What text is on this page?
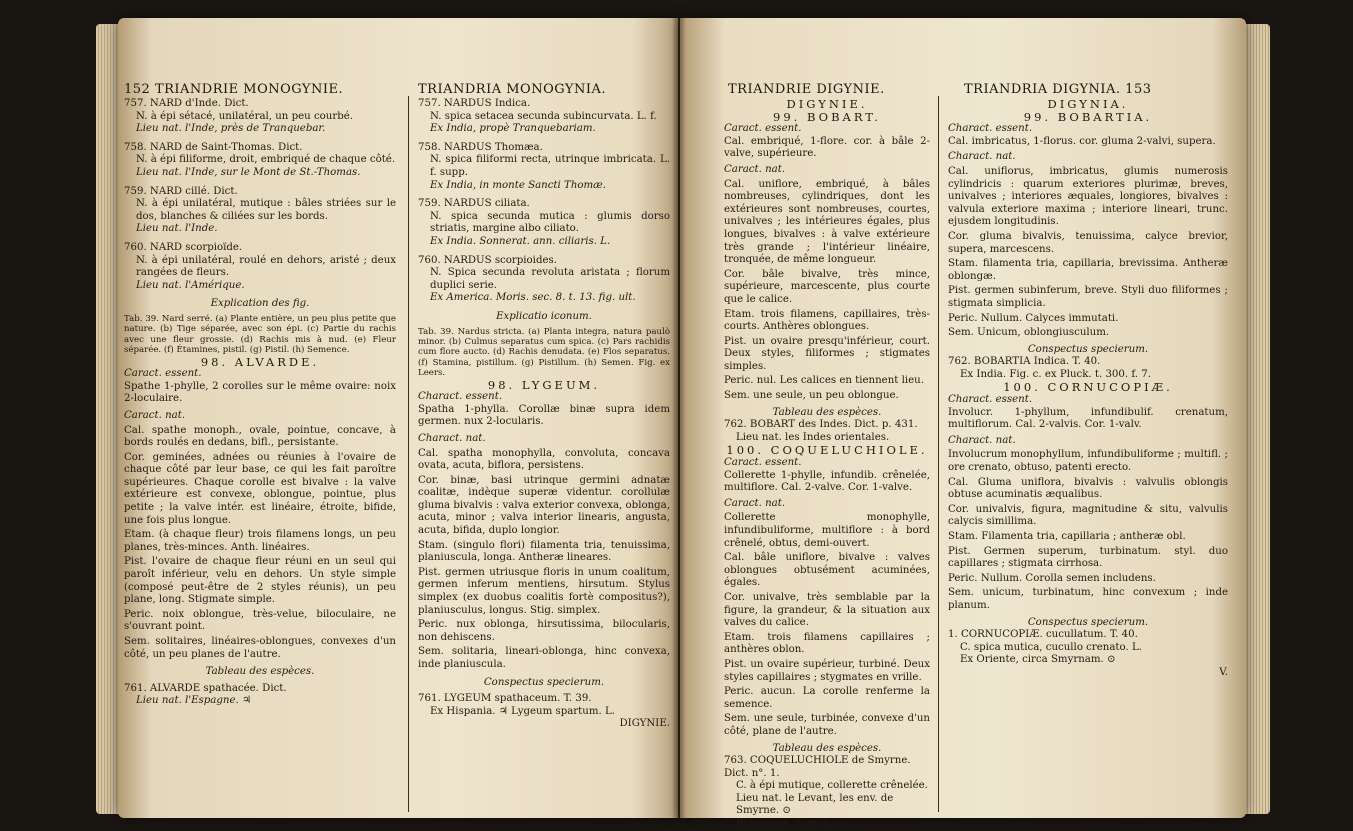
152 TRIANDRIE MONOGYNIE.	TRIANDRIA MONOGYNIA.

757. NARD d'Inde. Dict.

N. à épi sétacé, unilatéral, un peu courbé.

Lieu nat. l'Inde, près de Tranquebar.

758. NARD de Saint-Thomas. Dict.

N. à épi filiforme, droit, embriqué de chaque côté.

Lieu nat. l'Inde, sur le Mont de St.-Thomas.

759. NARD cillé. Dict.

N. à épi unilatéral, mutique : bâles striées sur le dos, blanches & ciliées sur les bords.

Lieu nat. l'Inde.

760. NARD scorpioïde.

N. à épi unilatéral, roulé en dehors, aristé ; deux rangées de fleurs.

Lieu nat. l'Amérique.

Explication des fig.

Tab. 39. Nard serré. (a) Plante entière, un peu plus petite que nature. (b) Tige séparée, avec son épi. (c) Partie du rachis avec une fleur grossie. (d) Rachis mis à nud. (e) Fleur séparée. (f) Étamines, pistil. (g) Pistil. (h) Semence.

98. ALVARDE.

Caract. essent.

Spathe 1-phylle, 2 corolles sur le même ovaire: noix 2-loculaire.

Caract. nat.

Cal. spathe monoph., ovale, pointue, concave, à bords roulés en dedans, bifl., persistante.

Cor. geminées, adnées ou réunies à l'ovaire de chaque côté par leur base, ce qui les fait paroître supérieures. Chaque corolle est bivalve : la valve extérieure est convexe, oblongue, pointue, plus petite ; la valve intér. est linéaire, étroite, bifide, une fois plus longue.

Etam. (à chaque fleur) trois filamens longs, un peu planes, très-minces. Anth. linéaires.

Pist. l'ovaire de chaque fleur réuni en un seul qui paroît inférieur, velu en dehors. Un style simple (composé peut-être de 2 styles réunis), un peu plane, long. Stigmate simple.

Peric. noix oblongue, très-velue, biloculaire, ne s'ouvrant point.

Sem. solitaires, linéaires-oblongues, convexes d'un côté, un peu planes de l'autre.

Tableau des espèces.

761. ALVARDE spathacée. Dict.

Lieu nat. l'Espagne. ♃

757. NARDUS Indica.

N. spica setacea secunda subincurvata. L. f.

Ex India, propè Tranquebariam.

758. NARDUS Thomæa.

N. spica filiformi recta, utrinque imbricata. L. f. supp.

Ex India, in monte Sancti Thomæ.

759. NARDUS ciliata.

N. spica secunda mutica : glumis dorso striatis, margine albo ciliato.

Ex India. Sonnerat. ann. ciliaris. L.

760. NARDUS scorpioides.

N. Spica secunda revoluta aristata ; florum duplici serie.

Ex America. Moris. sec. 8. t. 13. fig. ult.

Explicatio iconum.

Tab. 39. Nardus stricta. (a) Planta integra, natura paulò minor. (b) Culmus separatus cum spica. (c) Pars rachidis cum flore aucto. (d) Rachis denudata. (e) Flos separatus. (f) Stamina, pistillum. (g) Pistillum. (h) Semen. Fig. ex Leers.

98. LYGEUM.

Charact. essent.

Spatha 1-phylla. Corollæ binæ supra idem germen. nux 2-locularis.

Charact. nat.

Cal. spatha monophylla, convoluta, concava ovata, acuta, biflora, persistens.

Cor. binæ, basi utrinque germini adnatæ coalitæ, indèque superæ videntur. corollulæ gluma bivalvis : valva exterior convexa, oblonga, acuta, minor ; valva interior linearis, angusta, acuta, bifida, duplo longior.

Stam. (singulo flori) filamenta tria, tenuissima, planiuscula, longa. Antheræ lineares.

Pist. germen utriusque floris in unum coalitum, germen inferum mentiens, hirsutum. Stylus simplex (ex duobus coalitis fortè compositus?), planiusculus, longus. Stig. simplex.

Peric. nux oblonga, hirsutissima, bilocularis, non dehiscens.

Sem. solitaria, lineari-oblonga, hinc convexa, inde planiuscula.

Conspectus specierum.

761. LYGEUM spathaceum. T. 39.

Ex Hispania. ♃ Lygeum spartum. L.

DIGYNIE.

TRIANDRIE DIGYNIE.	TRIANDRIA DIGYNIA. 153

DIGYNIE.

99. BOBART.

Caract. essent.

Cal. embriqué, 1-flore. cor. à bâle 2-valve, supérieure.

Caract. nat.

Cal. uniflore, embriqué, à bâles nombreuses, cylindriques, dont les extérieures sont nombreuses, courtes, univalves ; les intérieures égales, plus longues, bivalves : à valve extérieure très grande ; l'intérieur linéaire, tronquée, de même longueur.

Cor. bâle bivalve, très mince, supérieure, marcescente, plus courte que le calice.

Etam. trois filamens, capillaires, très-courts. Anthères oblongues.

Pist. un ovaire presqu'inférieur, court. Deux styles, filiformes ; stigmates simples.

Peric. nul. Les calices en tiennent lieu.

Sem. une seule, un peu oblongue.

Tableau des espèces.

762. BOBART des Indes. Dict. p. 431.

Lieu nat. les Indes orientales.

100. COQUELUCHIOLE.

Caract. essent.

Collerette 1-phylle, infundib. crênelée, multiflore. Cal. 2-valve. Cor. 1-valve.

Caract. nat.

Collerette monophylle, infundibuliforme, multiflore : à bord crênelé, obtus, demi-ouvert.

Cal. bâle uniflore, bivalve : valves oblongues obtusément acuminées, égales.

Cor. univalve, très semblable par la figure, la grandeur, & la situation aux valves du calice.

Etam. trois filamens capillaires ; anthères oblon.

Pist. un ovaire supérieur, turbiné. Deux styles capillaires ; stygmates en vrille.

Peric. aucun. La corolle renferme la semence.

Sem. une seule, turbinée, convexe d'un côté, plane de l'autre.

Tableau des espèces.

763. COQUELUCHIOLE de Smyrne. Dict. n°. 1.

C. à épi mutique, collerette crênelée.

Lieu nat. le Levant, les env. de Smyrne. ⊙

Botanique. Tom. I.

DIGYNIA.

99. BOBARTIA.

Charact. essent.

Cal. imbricatus, 1-florus. cor. gluma 2-valvi, supera.

Charact. nat.

Cal. uniflorus, imbricatus, glumis numerosis cylindricis : quarum exteriores plurimæ, breves, univalves ; interiores æquales, longiores, bivalves : valvula exteriore maxima ; interiore lineari, trunc. ejusdem longitudinis.

Cor. gluma bivalvis, tenuissima, calyce brevior, supera, marcescens.

Stam. filamenta tria, capillaria, brevissima. Antheræ oblongæ.

Pist. germen subinferum, breve. Styli duo filiformes ; stigmata simplicia.

Peric. Nullum. Calyces immutati.

Sem. Unicum, oblongiusculum.

Conspectus specierum.

762. BOBARTIA Indica. T. 40.

Ex India. Fig. c. ex Pluck. t. 300. f. 7.

100. CORNUCOPIÆ.

Charact. essent.

Involucr. 1-phyllum, infundibulif. crenatum, multiflorum. Cal. 2-valvis. Cor. 1-valv.

Charact. nat.

Involucrum monophyllum, infundibuliforme ; multifl. ; ore crenato, obtuso, patenti erecto.

Cal. Gluma uniflora, bivalvis : valvulis oblongis obtuse acuminatis æqualibus.

Cor. univalvis, figura, magnitudine & situ, valvulis calycis simillima.

Stam. Filamenta tria, capillaria ; antheræ obl.

Pist. Germen superum, turbinatum. styl. duo capillares ; stigmata cirrhosa.

Peric. Nullum. Corolla semen includens.

Sem. unicum, turbinatum, hinc convexum ; inde planum.

Conspectus specierum.

1. CORNUCOPIÆ. cucullatum. T. 40.

C. spica mutica, cucullo crenato. L.

Ex Oriente, circa Smyrnam. ⊙

V.
